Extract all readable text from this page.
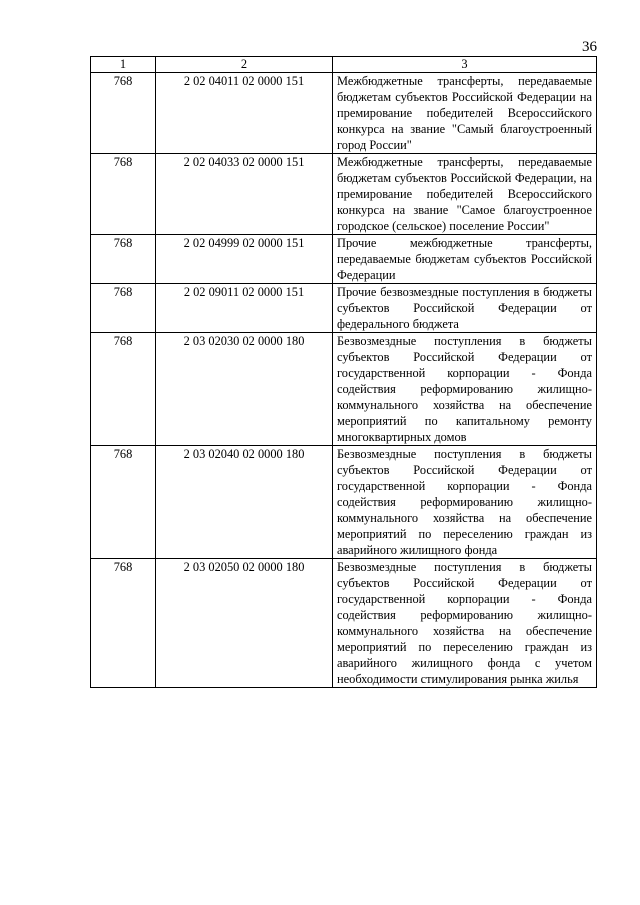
36
1	2	3
768	2 02 04011 02 0000 151	Межбюджетные трансферты, передаваемые бюджетам субъектов Российской Федерации на премирование победителей Всероссийского конкурса на звание "Самый благоустроенный город России"
768	2 02 04033 02 0000 151	Межбюджетные трансферты, передаваемые бюджетам субъектов Российской Федерации, на премирование победителей Всероссийского конкурса на звание "Самое благоустроенное городское (сельское) поселение России"
768	2 02 04999 02 0000 151	Прочие межбюджетные трансферты, передаваемые бюджетам субъектов Российской Федерации
768	2 02 09011 02 0000 151	Прочие безвозмездные поступления в бюджеты субъектов Российской Федерации от федерального бюджета
768	2 03 02030 02 0000 180	Безвозмездные поступления в бюджеты субъектов Российской Федерации от государственной корпорации - Фонда содействия реформированию жилищно-коммунального хозяйства на обеспечение мероприятий по капитальному ремонту многоквартирных домов
768	2 03 02040 02 0000 180	Безвозмездные поступления в бюджеты субъектов Российской Федерации от государственной корпорации - Фонда содействия реформированию жилищно-коммунального хозяйства на обеспечение мероприятий по переселению граждан из аварийного жилищного фонда
768	2 03 02050 02 0000 180	Безвозмездные поступления в бюджеты субъектов Российской Федерации от государственной корпорации - Фонда содействия реформированию жилищно-коммунального хозяйства на обеспечение мероприятий по переселению граждан из аварийного жилищного фонда с учетом необходимости стимулирования рынка жилья
